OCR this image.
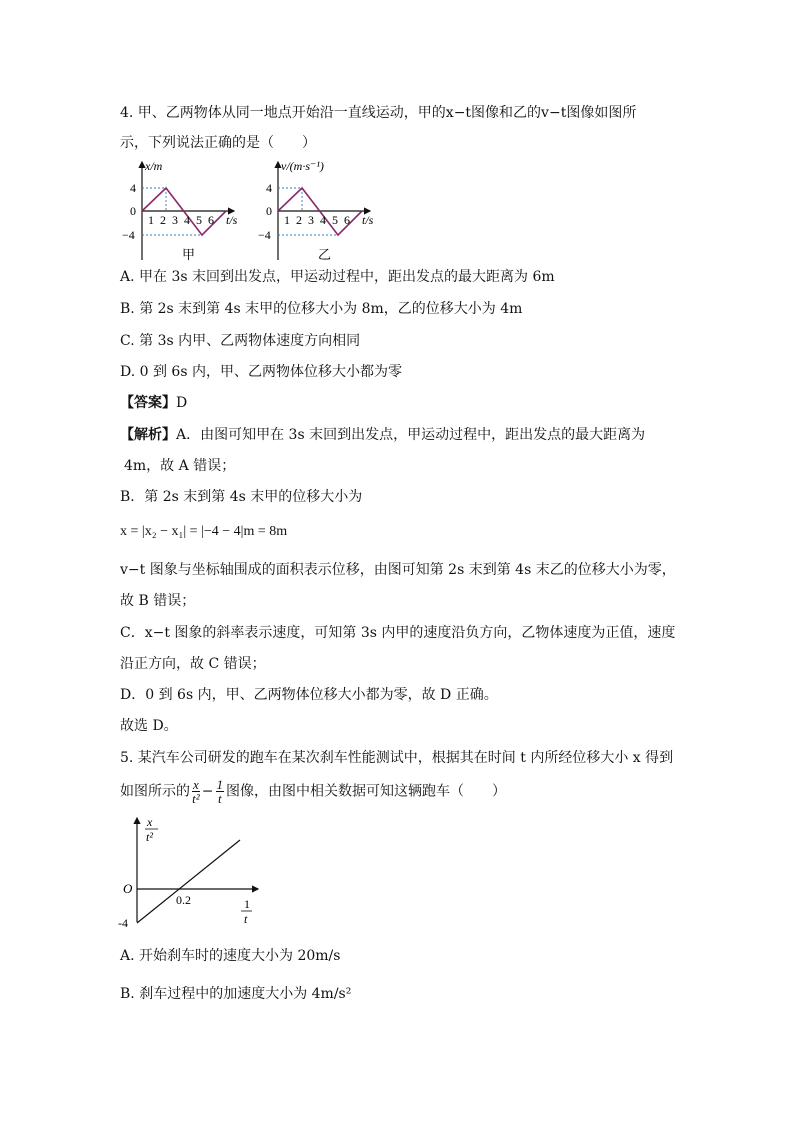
4. 甲、乙两物体从同一地点开始沿一直线运动，甲的x−t图像和乙的v−t图像如图所
示，下列说法正确的是（　　）
x/m
4
0
−4
1 2 3 4 5 6 t/s
甲
v/(m·s⁻¹)
4
0
−4
1 2 3 4 5 6 t/s
乙
A. 甲在 3s 末回到出发点，甲运动过程中，距出发点的最大距离为 6m
B. 第 2s 末到第 4s 末甲的位移大小为 8m，乙的位移大小为 4m
C. 第 3s 内甲、乙两物体速度方向相同
D. 0 到 6s 内，甲、乙两物体位移大小都为零
【答案】D
【解析】A．由图可知甲在 3s 末回到出发点，甲运动过程中，距出发点的最大距离为
4m，故 A 错误；
B．第 2s 末到第 4s 末甲的位移大小为
x = |x₂ − x₁| = |−4 − 4|m = 8m
v−t 图象与坐标轴围成的面积表示位移，由图可知第 2s 末到第 4s 末乙的位移大小为零，
故 B 错误；
C．x−t 图象的斜率表示速度，可知第 3s 内甲的速度沿负方向，乙物体速度为正值，速度
沿正方向，故 C 错误；
D．0 到 6s 内，甲、乙两物体位移大小都为零，故 D 正确。
故选 D。
5. 某汽车公司研发的跑车在某次刹车性能测试中，根据其在时间 t 内所经位移大小 x 得到
如图所示的 $\frac{x}{\text{t²}} - \frac{1}{t}$ 图像，由图中相关数据可知这辆跑车（　　）
x
t²
O
0.2
-4
1
t
A. 开始刹车时的速度大小为 20m/s
B. 刹车过程中的加速度大小为 4m/s²
